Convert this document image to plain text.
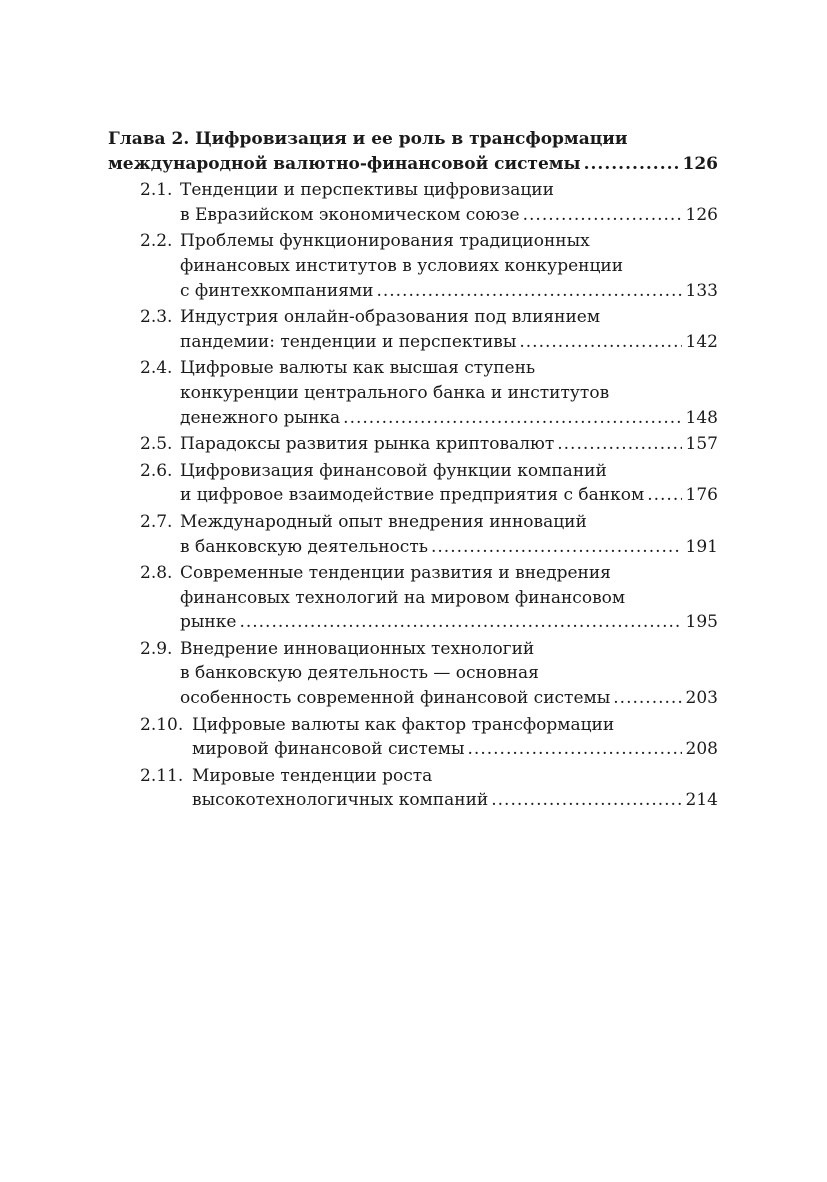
Глава 2. Цифровизация и ее роль в трансформации
международной валютно-финансовой системы .....	126
2.1. Тенденции и перспективы цифровизации
в Евразийском экономическом союзе .....	126
2.2. Проблемы функционирования традиционных
финансовых институтов в условиях конкуренции
с финтехкомпаниями .....	133
2.3. Индустрия онлайн-образования под влиянием
пандемии: тенденции и перспективы .....	142
2.4. Цифровые валюты как высшая ступень
конкуренции центрального банка и институтов
денежного рынка .....	148
2.5. Парадоксы развития рынка криптовалют .....	157
2.6. Цифровизация финансовой функции компаний
и цифровое взаимодействие предприятия с банком ..... 176
2.7. Международный опыт внедрения инноваций
в банковскую деятельность .....	191
2.8. Современные тенденции развития и внедрения
финансовых технологий на мировом финансовом
рынке .....	195
2.9. Внедрение инновационных технологий
в банковскую деятельность — основная
особенность современной финансовой системы .....	203
2.10. Цифровые валюты как фактор трансформации
мировой финансовой системы .....	208
2.11. Мировые тенденции роста
высокотехнологичных компаний .....	214
